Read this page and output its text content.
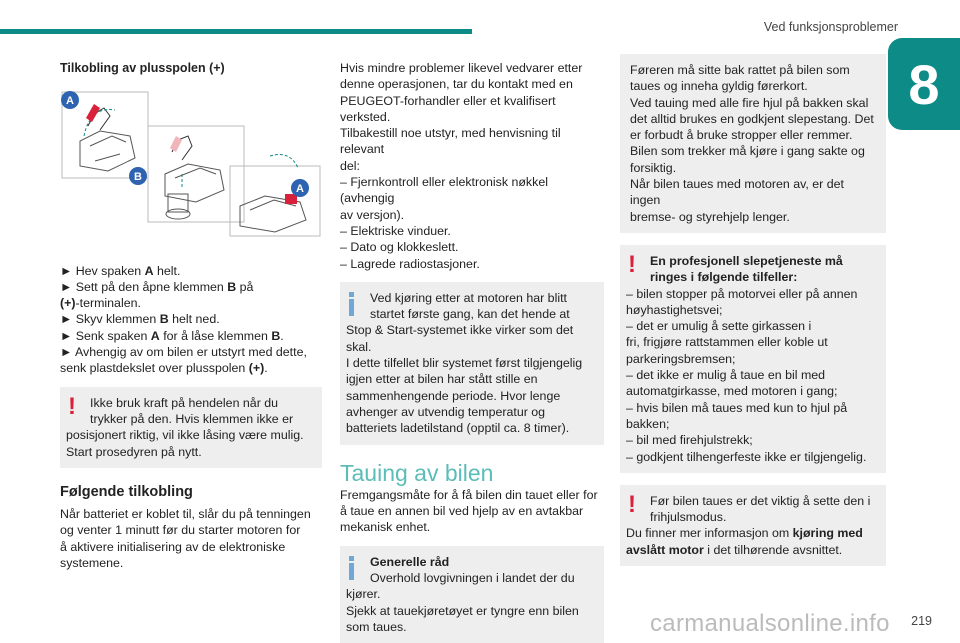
Ved funksjonsproblemer
8

Tilkobling av plusspolen (+)

A
B
A

► Hev spaken A helt.

► Sett på den åpne klemmen B på

(+)-terminalen.

► Skyv klemmen B helt ned.

► Senk spaken A for å låse klemmen B.

► Avhengig av om bilen er utstyrt med dette,

senk plastdekslet over plusspolen (+).

!	Ikke bruk kraft på hendelen når du

trykker på den. Hvis klemmen ikke er

posisjonert riktig, vil ikke låsing være mulig.

Start prosedyren på nytt.

Følgende tilkobling

Når batteriet er koblet til, slår du på tenningen

og venter 1 minutt før du starter motoren for

å aktivere initialisering av de elektroniske

systemene.

Hvis mindre problemer likevel vedvarer etter

denne operasjonen, tar du kontakt med en

PEUGEOT-forhandler eller et kvalifisert verksted.

Tilbakestill noe utstyr, med henvisning til relevant

del:

– Fjernkontroll eller elektronisk nøkkel (avhengig

av versjon).

– Elektriske vinduer.

– Dato og klokkeslett.

– Lagrede radiostasjoner.

Ved kjøring etter at motoren har blitt

startet første gang, kan det hende at

Stop & Start-systemet ikke virker som det

skal.

I dette tilfellet blir systemet først tilgjengelig

igjen etter at bilen har stått stille en

sammenhengende periode. Hvor lenge

avhenger av utvendig temperatur og

batteriets ladetilstand (opptil ca. 8 timer).

Tauing av bilen

Fremgangsmåte for å få bilen din tauet eller for

å taue en annen bil ved hjelp av en avtakbar

mekanisk enhet.

Generelle råd

Overhold lovgivningen i landet der du

kjører.

Sjekk at tauekjøretøyet er tyngre enn bilen

som taues.

Føreren må sitte bak rattet på bilen som

taues og inneha gyldig førerkort.

Ved tauing med alle fire hjul på bakken skal

det alltid brukes en godkjent slepestang. Det

er forbudt å bruke stropper eller remmer.

Bilen som trekker må kjøre i gang sakte og

forsiktig.

Når bilen taues med motoren av, er det ingen

bremse- og styrehjelp lenger.

!	En profesjonell slepetjeneste må

ringes i følgende tilfeller:

– bilen stopper på motorvei eller på annen

høyhastighetsvei;

– det er umulig å sette girkassen i

fri, frigjøre rattstammen eller koble ut

parkeringsbremsen;

– det ikke er mulig å taue en bil med

automatgirkasse, med motoren i gang;

– hvis bilen må taues med kun to hjul på

bakken;

– bil med firehjulstrekk;

– godkjent tilhengerfeste ikke er tilgjengelig.

!	Før bilen taues er det viktig å sette den i

frihjulsmodus.

Du finner mer informasjon om kjøring med

avslått motor i det tilhørende avsnittet.

219
carmanualsonline.info
